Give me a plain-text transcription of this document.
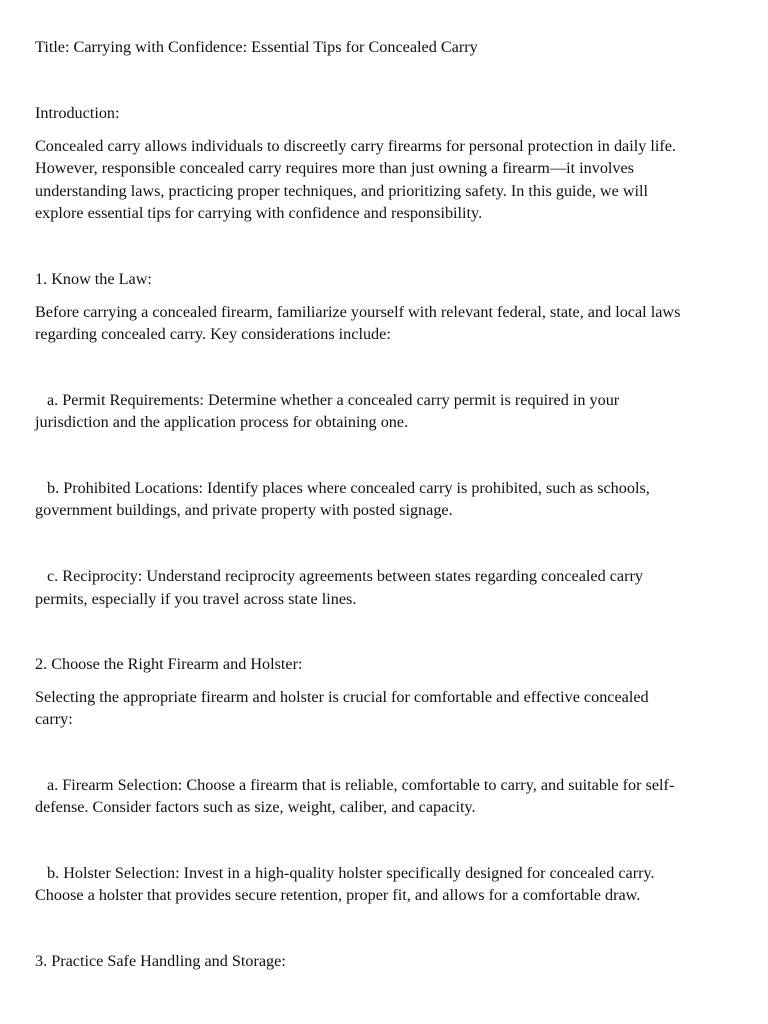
Title: Carrying with Confidence: Essential Tips for Concealed Carry
Introduction:
Concealed carry allows individuals to discreetly carry firearms for personal protection in daily life.
However, responsible concealed carry requires more than just owning a firearm—it involves
understanding laws, practicing proper techniques, and prioritizing safety. In this guide, we will
explore essential tips for carrying with confidence and responsibility.
1. Know the Law:
Before carrying a concealed firearm, familiarize yourself with relevant federal, state, and local laws
regarding concealed carry. Key considerations include:
a. Permit Requirements: Determine whether a concealed carry permit is required in your
jurisdiction and the application process for obtaining one.
b. Prohibited Locations: Identify places where concealed carry is prohibited, such as schools,
government buildings, and private property with posted signage.
c. Reciprocity: Understand reciprocity agreements between states regarding concealed carry
permits, especially if you travel across state lines.
2. Choose the Right Firearm and Holster:
Selecting the appropriate firearm and holster is crucial for comfortable and effective concealed
carry:
a. Firearm Selection: Choose a firearm that is reliable, comfortable to carry, and suitable for self-
defense. Consider factors such as size, weight, caliber, and capacity.
b. Holster Selection: Invest in a high-quality holster specifically designed for concealed carry.
Choose a holster that provides secure retention, proper fit, and allows for a comfortable draw.
3. Practice Safe Handling and Storage:
